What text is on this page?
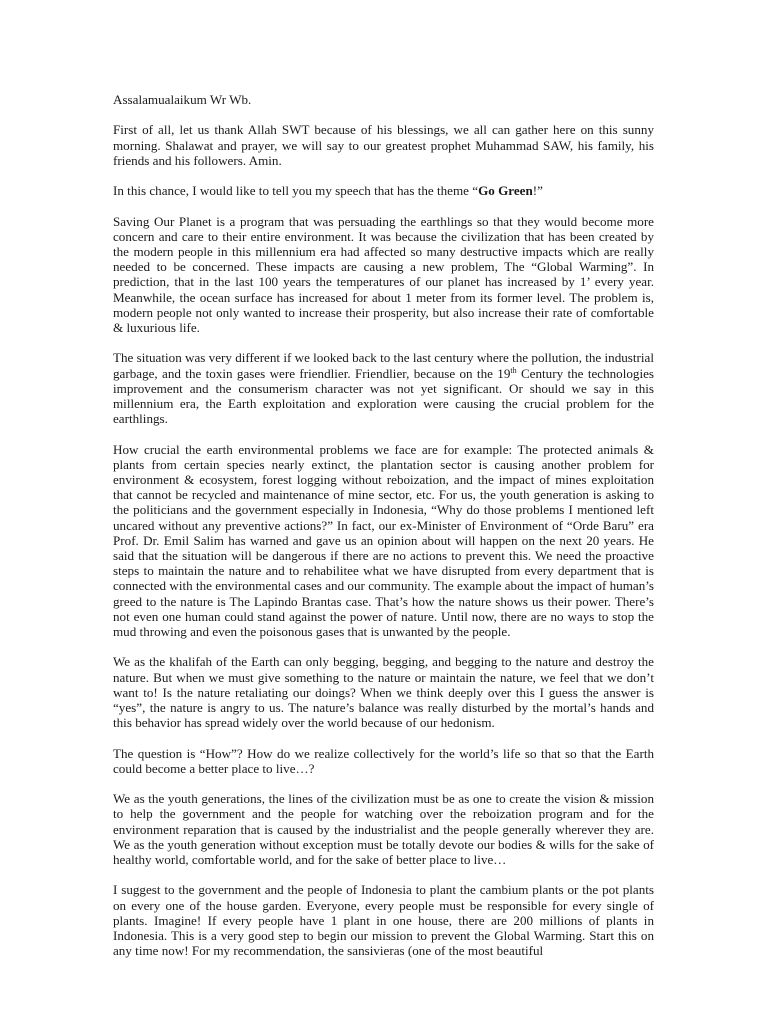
Assalamualaikum Wr Wb.

First of all, let us thank Allah SWT because of his blessings, we all can gather here on this sunny morning. Shalawat and prayer, we will say to our greatest prophet Muhammad SAW, his family, his friends and his followers. Amin.

In this chance, I would like to tell you my speech that has the theme “Go Green!”

Saving Our Planet is a program that was persuading the earthlings so that they would become more concern and care to their entire environment. It was because the civilization that has been created by the modern people in this millennium era had affected so many destructive impacts which are really needed to be concerned. These impacts are causing a new problem, The “Global Warming”. In prediction, that in the last 100 years the temperatures of our planet has increased by 1’ every year. Meanwhile, the ocean surface has increased for about 1 meter from its former level. The problem is, modern people not only wanted to increase their prosperity, but also increase their rate of comfortable & luxurious life.

The situation was very different if we looked back to the last century where the pollution, the industrial garbage, and the toxin gases were friendlier. Friendlier, because on the 19th Century the technologies improvement and the consumerism character was not yet significant. Or should we say in this millennium era, the Earth exploitation and exploration were causing the crucial problem for the earthlings.

How crucial the earth environmental problems we face are for example: The protected animals & plants from certain species nearly extinct, the plantation sector is causing another problem for environment & ecosystem, forest logging without reboization, and the impact of mines exploitation that cannot be recycled and maintenance of mine sector, etc. For us, the youth generation is asking to the politicians and the government especially in Indonesia, “Why do those problems I mentioned left uncared without any preventive actions?” In fact, our ex-Minister of Environment of “Orde Baru” era Prof. Dr. Emil Salim has warned and gave us an opinion about will happen on the next 20 years. He said that the situation will be dangerous if there are no actions to prevent this. We need the proactive steps to maintain the nature and to rehabilitee what we have disrupted from every department that is connected with the environmental cases and our community. The example about the impact of human’s greed to the nature is The Lapindo Brantas case. That’s how the nature shows us their power. There’s not even one human could stand against the power of nature. Until now, there are no ways to stop the mud throwing and even the poisonous gases that is unwanted by the people.

We as the khalifah of the Earth can only begging, begging, and begging to the nature and destroy the nature. But when we must give something to the nature or maintain the nature, we feel that we don’t want to! Is the nature retaliating our doings? When we think deeply over this I guess the answer is “yes”, the nature is angry to us. The nature’s balance was really disturbed by the mortal’s hands and this behavior has spread widely over the world because of our hedonism.

The question is “How”? How do we realize collectively for the world’s life so that so that the Earth could become a better place to live…?

We as the youth generations, the lines of the civilization must be as one to create the vision & mission to help the government and the people for watching over the reboization program and for the environment reparation that is caused by the industrialist and the people generally wherever they are. We as the youth generation without exception must be totally devote our bodies & wills for the sake of healthy world, comfortable world, and for the sake of better place to live…

I suggest to the government and the people of Indonesia to plant the cambium plants or the pot plants on every one of the house garden. Everyone, every people must be responsible for every single of plants. Imagine! If every people have 1 plant in one house, there are 200 millions of plants in Indonesia. This is a very good step to begin our mission to prevent the Global Warming. Start this on any time now! For my recommendation, the sansivieras (one of the most beautiful
